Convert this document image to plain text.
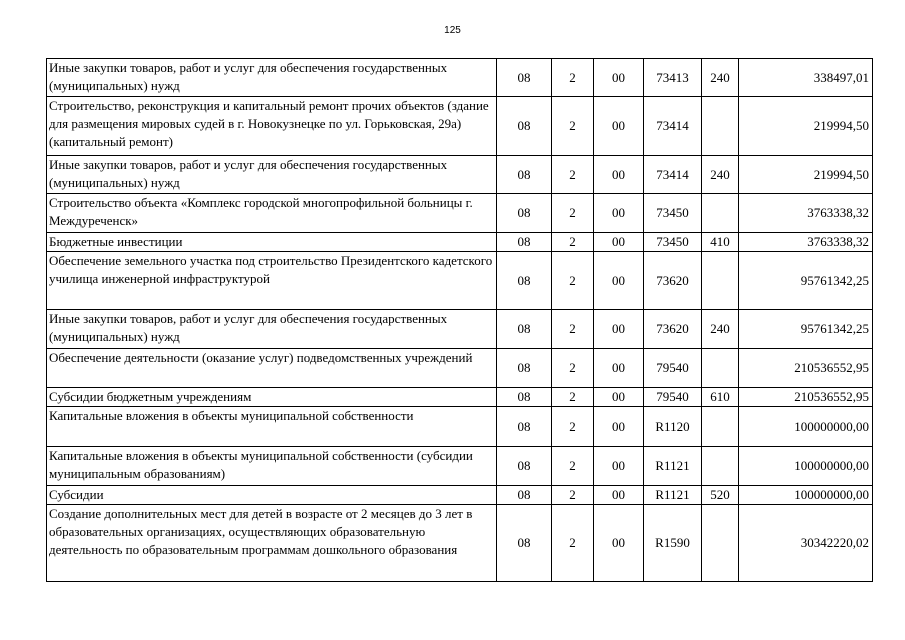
125
Иные закупки товаров, работ и услуг для обеспечения государственных (муниципальных) нужд	08	2	00	73413	240	338497,01
Строительство, реконструкция и капитальный ремонт прочих объектов (здание для размещения мировых судей в г. Новокузнецке по ул. Горьковская, 29а) (капитальный ремонт)	08	2	00	73414		219994,50
Иные закупки товаров, работ и услуг для обеспечения государственных (муниципальных) нужд	08	2	00	73414	240	219994,50
Строительство объекта «Комплекс городской многопрофильной больницы г. Междуреченск»	08	2	00	73450		3763338,32
Бюджетные инвестиции	08	2	00	73450	410	3763338,32
Обеспечение земельного участка под строительство Президентского кадетского училища инженерной инфраструктурой	08	2	00	73620		95761342,25
Иные закупки товаров, работ и услуг для обеспечения государственных (муниципальных) нужд	08	2	00	73620	240	95761342,25
Обеспечение деятельности (оказание услуг) подведомственных учреждений	08	2	00	79540		210536552,95
Субсидии бюджетным учреждениям	08	2	00	79540	610	210536552,95
Капитальные вложения в объекты муниципальной собственности	08	2	00	R1120		100000000,00
Капитальные вложения в объекты муниципальной собственности (субсидии муниципальным образованиям)	08	2	00	R1121		100000000,00
Субсидии	08	2	00	R1121	520	100000000,00
Создание дополнительных мест для детей в возрасте от 2 месяцев до 3 лет в образовательных организациях, осуществляющих образовательную деятельность по образовательным программам дошкольного образования	08	2	00	R1590		30342220,02
